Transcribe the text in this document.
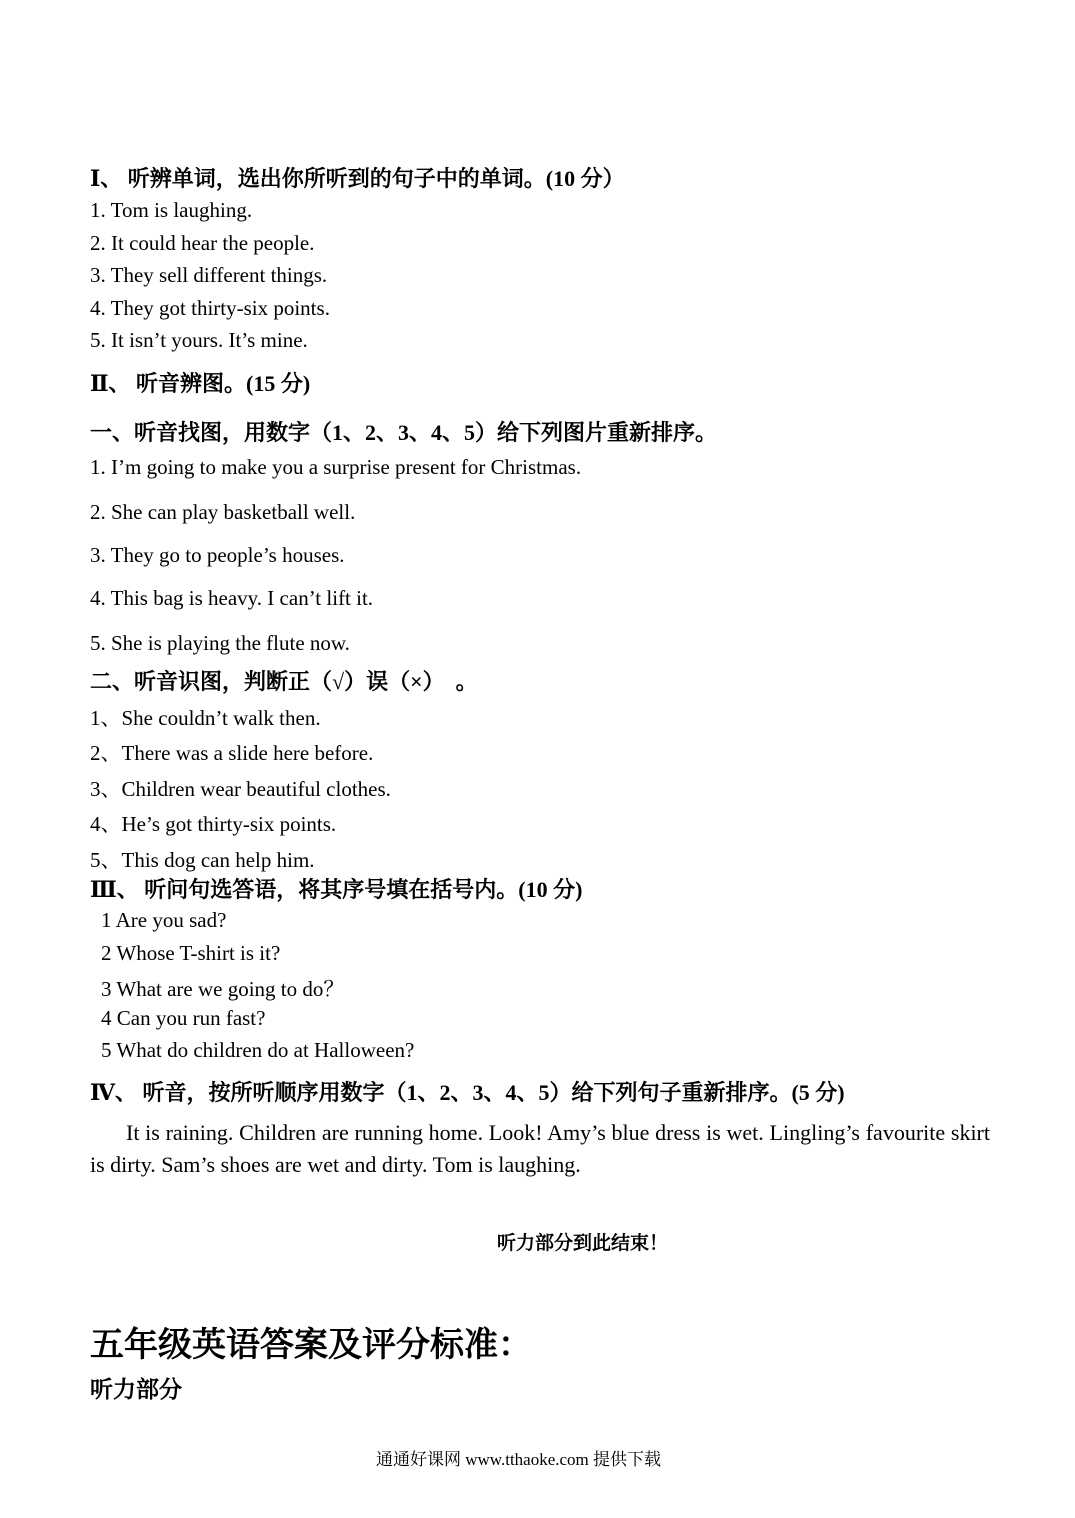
Ⅰ、 听辨单词，选出你所听到的句子中的单词。(10 分）
1. Tom is laughing.
2. It could hear the people.
3. They sell different things.
4. They got thirty-six points.
5. It isn’t yours. It’s mine.
Ⅱ、 听音辨图。(15 分)
一、听音找图，用数字（1、2、3、4、5）给下列图片重新排序。
1. I’m going to make you a surprise present for Christmas.
2. She can play basketball well.
3. They go to people’s houses.
4. This bag is heavy. I can’t lift it.
5. She is playing the flute now.
二、听音识图，判断正（√）误（×）　。
1、She couldn’t walk then.
2、There was a slide here before.
3、Children wear beautiful clothes.
4、He’s got thirty-six points.
5、This dog can help him.
Ⅲ、 听问句选答语，将其序号填在括号内。(10 分)
1 Are you sad?
2 Whose T-shirt is it?
3 What are we going to do？
4 Can you run fast?
5 What do children do at Halloween?
Ⅳ、 听音，按所听顺序用数字（1、2、3、4、5）给下列句子重新排序。(5 分)
It is raining. Children are running home. Look! Amy’s blue dress is wet. Lingling’s favourite skirt is dirty. Sam’s shoes are wet and dirty. Tom is laughing.
听力部分到此结束！
五年级英语答案及评分标准：
听力部分
通通好课网 www.tthaoke.com 提供下载
